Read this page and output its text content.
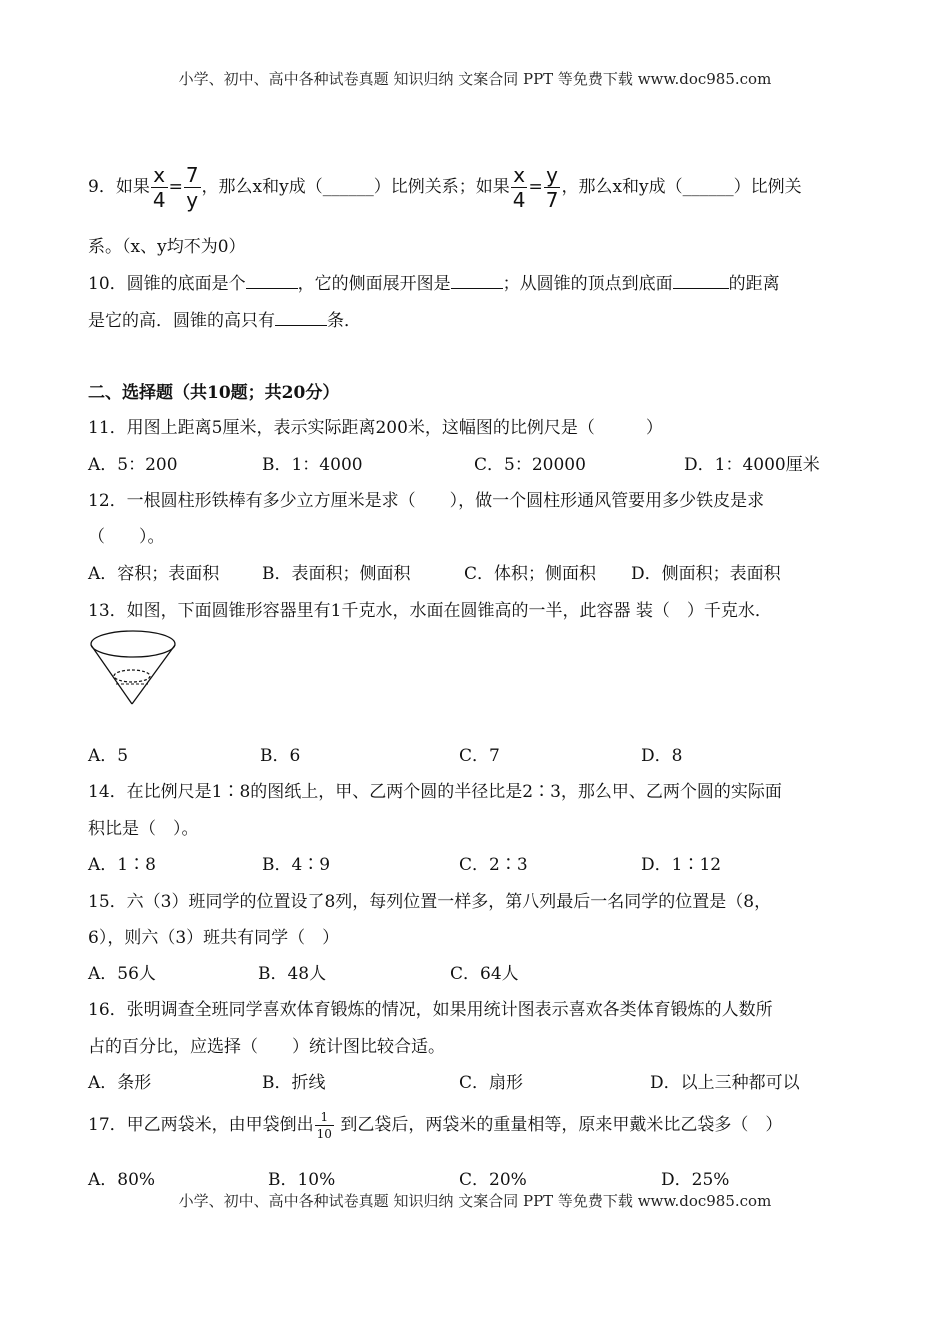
小学、初中、高中各种试卷真题 知识归纳 文案合同 PPT 等免费下载 www.doc985.com
9．如果 $\frac{x}{4} = \frac{7}{y}$ ，那么x和y成（______）比例关系；如果 $\frac{x}{4} = \frac{y}{7}$ ，那么x和y成（______）比例关
系。（x、y均不为0）
10．圆锥的底面是个	，它的侧面展开图是	；从圆锥的顶点到底面	的距离
是它的高．圆锥的高只有	条．
二、选择题（共10题；共20分）
11．用图上距离5厘米，表示实际距离200米，这幅图的比例尺是（　　　）
A．5：200	B．1：4000	C．5：20000	D．1：4000厘米
12．一根圆柱形铁棒有多少立方厘米是求（　　），做一个圆柱形通风管要用多少铁皮是求
（　　）。
A．容积；表面积	B．表面积；侧面积	C．体积；侧面积 D．侧面积；表面积
13．如图，下面圆锥形容器里有1千克水，水面在圆锥高的一半，此容器 装（　）千克水．
A．5	B．6	C．7	D．8
14．在比例尺是1∶8的图纸上，甲、乙两个圆的半径比是2∶3，那么甲、乙两个圆的实际面
积比是（　）。
A．1∶8	B．4∶9	C．2∶3	D．1∶12
15．六（3）班同学的位置设了8列，每列位置一样多，第八列最后一名同学的位置是（8，
6），则六（3）班共有同学（　）
A．56人	B．48人	C．64人
16．张明调查全班同学喜欢体育锻炼的情况，如果用统计图表示喜欢各类体育锻炼的人数所
占的百分比，应选择（　　）统计图比较合适。
A．条形	B．折线	C．扇形	D．以上三种都可以
17．甲乙两袋米，由甲袋倒出 $\frac{1}{10}$ 到乙袋后，两袋米的重量相等，原来甲戴米比乙袋多（　）
A．80%	B．10%	C．20%	D．25%
小学、初中、高中各种试卷真题 知识归纳 文案合同 PPT 等免费下载 www.doc985.com
